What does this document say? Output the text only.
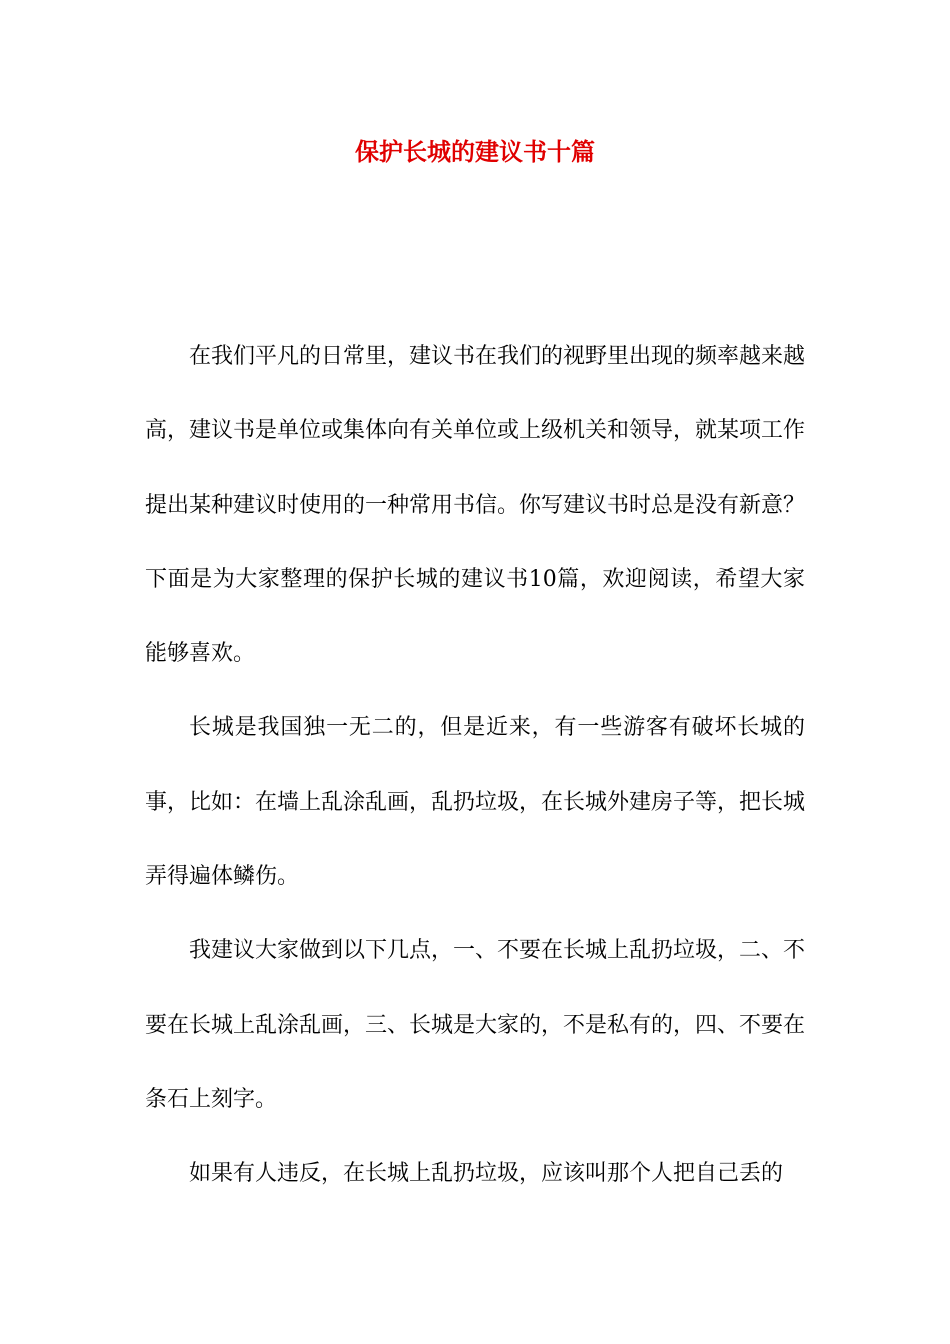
保护长城的建议书十篇

在我们平凡的日常里，建议书在我们的视野里出现的频率越来越高，建议书是单位或集体向有关单位或上级机关和领导，就某项工作提出某种建议时使用的一种常用书信。你写建议书时总是没有新意？下面是为大家整理的保护长城的建议书10篇，欢迎阅读，希望大家能够喜欢。

长城是我国独一无二的，但是近来，有一些游客有破坏长城的事，比如：在墙上乱涂乱画，乱扔垃圾，在长城外建房子等，把长城弄得遍体鳞伤。

我建议大家做到以下几点，一、不要在长城上乱扔垃圾，二、不要在长城上乱涂乱画，三、长城是大家的，不是私有的，四、不要在条石上刻字。

如果有人违反，在长城上乱扔垃圾，应该叫那个人把自己丢的
